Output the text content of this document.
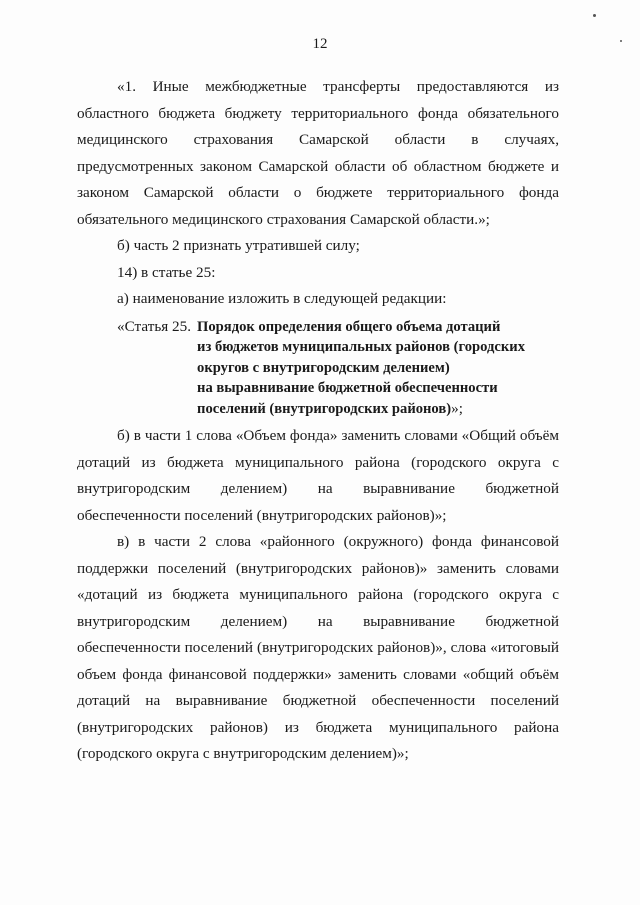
12

«1. Иные межбюджетные трансферты предоставляются из областного бюджета бюджету территориального фонда обязательного медицинского страхования Самарской области в случаях, предусмотренных законом Самарской области об областном бюджете и законом Самарской области о бюджете территориального фонда обязательного медицинского страхования Самарской области.»;

б) часть 2 признать утратившей силу;

14) в статье 25:

а) наименование изложить в следующей редакции:

«Статья 25. Порядок определения общего объема дотаций
из бюджетов муниципальных районов (городских
округов с внутригородским делением)
на выравнивание бюджетной обеспеченности
поселений (внутригородских районов)»;

б) в части 1 слова «Объем фонда» заменить словами «Общий объём дотаций из бюджета муниципального района (городского округа с внутригородским делением) на выравнивание бюджетной обеспеченности поселений (внутригородских районов)»;

в) в части 2 слова «районного (окружного) фонда финансовой поддержки поселений (внутригородских районов)» заменить словами «дотаций из бюджета муниципального района (городского округа с внутригородским делением) на выравнивание бюджетной обеспеченности поселений (внутригородских районов)», слова «итоговый объем фонда финансовой поддержки» заменить словами «общий объём дотаций на выравнивание бюджетной обеспеченности поселений (внутригородских районов) из бюджета муниципального района (городского округа с внутригородским делением)»;
